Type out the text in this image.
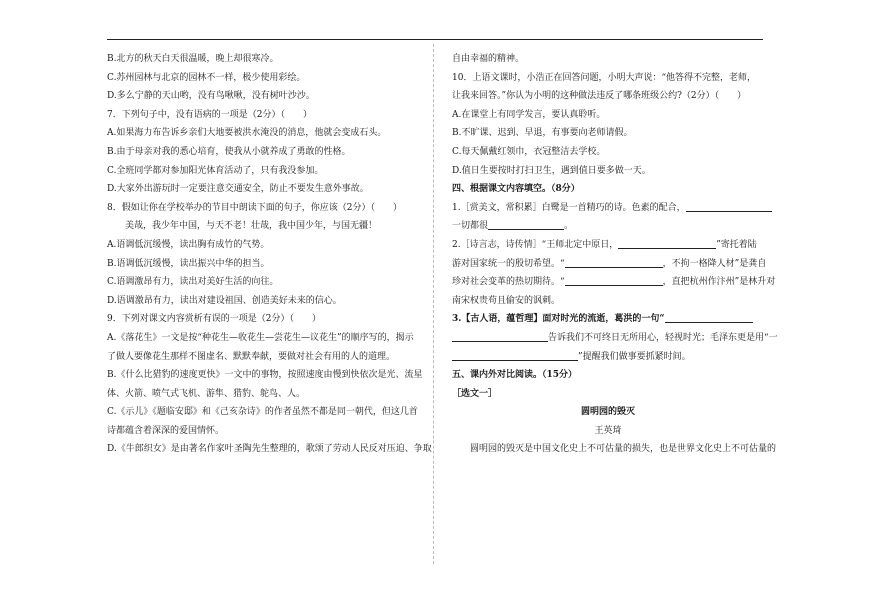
B.北方的秋天白天很温暖，晚上却很寒冷。

C.苏州园林与北京的园林不一样，极少使用彩绘。

D.多么宁静的天山哟，没有鸟啾啾，没有树叶沙沙。

7．下列句子中，没有语病的一项是（2分）（　　）

A.如果海力布告诉乡亲们大地要被洪水淹没的消息，他就会变成石头。

B.由于母亲对我的悉心培育，使我从小就养成了勇敢的性格。

C.全班同学都对参加阳光体育活动了，只有我没参加。

D.大家外出游玩时一定要注意交通安全，防止不要发生意外事故。

8．假如让你在学校举办的节目中朗读下面的句子，你应该（2分）（　　）

美哉，我少年中国，与天不老！壮哉，我中国少年，与国无疆！

A.语调低沉缓慢，读出胸有成竹的气势。

B.语调低沉缓慢，读出振兴中华的担当。

C.语调激昂有力，读出对美好生活的向往。

D.语调激昂有力，读出对建设祖国、创造美好未来的信心。

9．下列对课文内容赏析有误的一项是（2分）（　　）

A.《落花生》一文是按“种花生—收花生—尝花生—议花生”的顺序写的，揭示

了做人要像花生那样不图虚名、默默奉献，要做对社会有用的人的道理。

B.《什么比猎豹的速度更快》一文中的事物，按照速度由慢到快依次是光、流星

体、火箭、喷气式飞机、游隼、猎豹、鸵鸟、人。

C.《示儿》《题临安邸》和《己亥杂诗》的作者虽然不都是同一朝代，但这几首

诗都蕴含着深深的爱国情怀。

D.《牛郎织女》是由著名作家叶圣陶先生整理的，歌颂了劳动人民反对压迫、争取

自由幸福的精神。

10．上语文课时，小浩正在回答问题，小明大声说：“他答得不完整，老师，

让我来回答。”你认为小明的这种做法违反了哪条班级公约?（2分）（　　）

A.在课堂上有同学发言，要认真聆听。

B.不旷课、迟到、早退，有事要向老师请假。

C.每天佩戴红领巾，衣冠整洁去学校。

D.值日生要按时打扫卫生，遇到值日要多做一天。

四、根据课文内容填空。（8分）

1.［赏美文，常积累］白鹭是一首精巧的诗。色素的配合，

一切都很	。

2.［诗言志，诗传情］“王师北定中原日，	”寄托着陆

游对国家统一的殷切希望。“	，不拘一格降人材”是龚自

珍对社会变革的热切期待。“	，直把杭州作汴州”是林升对

南宋权贵苟且偷安的讽刺。

3.【古人语，蕴哲理】面对时光的流逝，葛洪的一句“

告诉我们不可终日无所用心，轻视时光；毛泽东更是用“一

”提醒我们做事要抓紧时间。

五、课内外对比阅读。（15分）

［选文一］

圆明园的毁灭

王英琦

圆明园的毁灭是中国文化史上不可估量的损失，也是世界文化史上不可估量的
